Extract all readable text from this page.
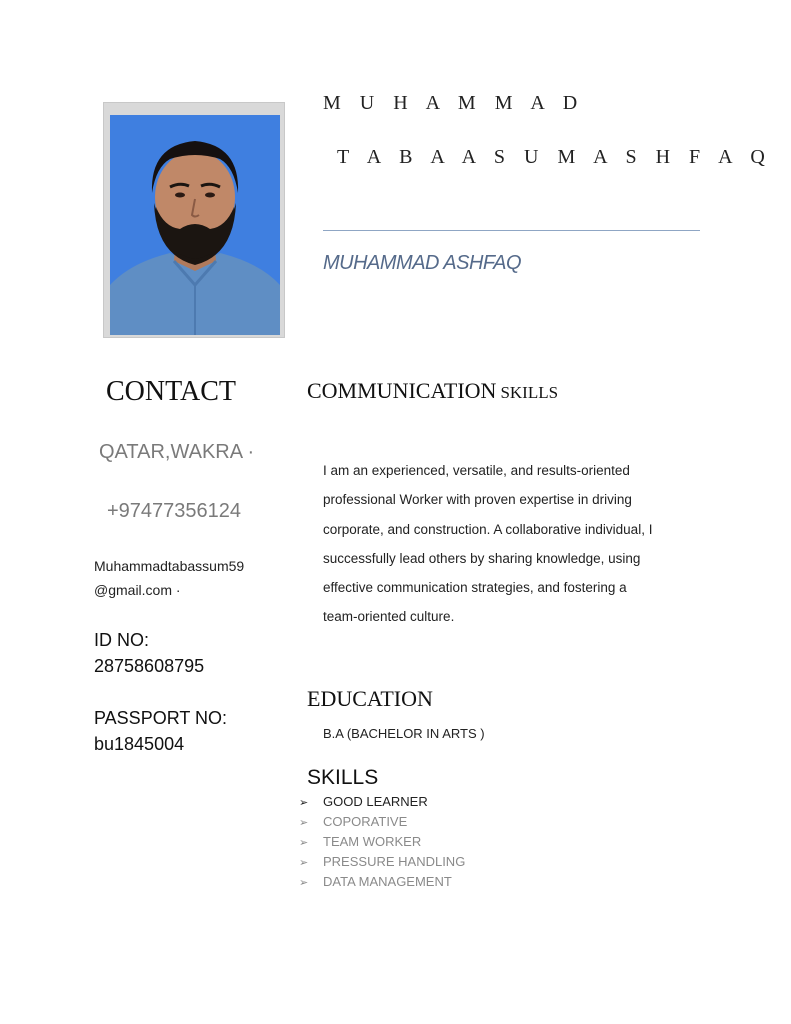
M U H A M M A D
T A B A A S U M A S H F A Q
MUHAMMAD ASHFAQ
CONTACT
QATAR,WAKRA ·
+97477356124
Muhammadtabassum59
@gmail.com ·
ID NO:
28758608795
PASSPORT NO:
bu1845004
COMMUNICATION SKILLS
I am an experienced, versatile, and results-oriented
professional Worker with proven expertise in driving
corporate, and construction. A collaborative individual, I
successfully lead others by sharing knowledge, using
effective communication strategies, and fostering a
team-oriented culture.
EDUCATION
B.A (BACHELOR IN ARTS )
SKILLS
➢ GOOD LEARNER
➢ COPORATIVE
➢ TEAM WORKER
➢ PRESSURE HANDLING
➢ DATA MANAGEMENT
